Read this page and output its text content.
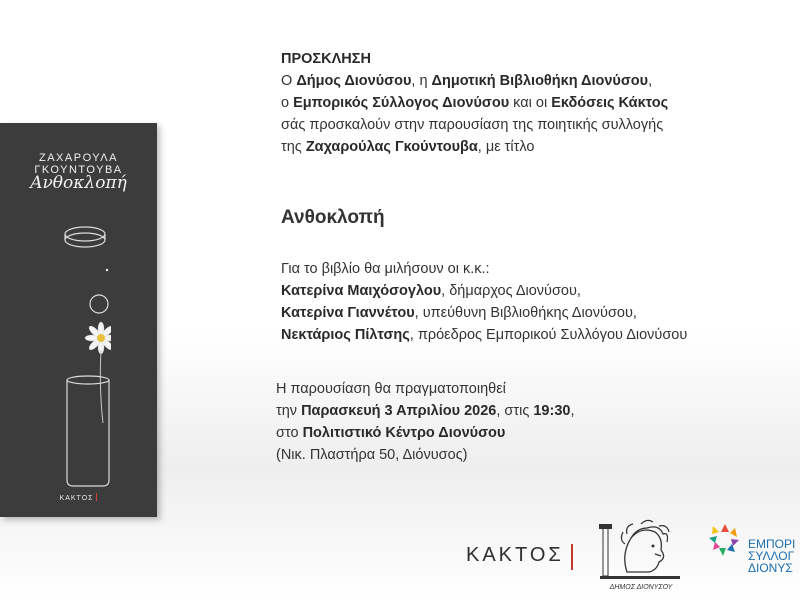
ΖΑΧΑΡΟΥΛΑ ΓΚΟΥΝΤΟΥΒΑ
Ανθοκλοπή
ΚΑΚΤΟΣ
ΠΡΟΣΚΛΗΣΗ
Ο Δήμος Διονύσου, η Δημοτική Βιβλιοθήκη Διονύσου,
ο Εμπορικός Σύλλογος Διονύσου και οι Εκδόσεις Κάκτος
σάς προσκαλούν στην παρουσίαση της ποιητικής συλλογής
της Ζαχαρούλας Γκούντουβα, με τίτλο
Ανθοκλοπή
Για το βιβλίο θα μιλήσουν οι κ.κ.:
Κατερίνα Μαιχόσογλου, δήμαρχος Διονύσου,
Κατερίνα Γιαννέτου, υπεύθυνη Βιβλιοθήκης Διονύσου,
Νεκτάριος Πίλτσης, πρόεδρος Εμπορικού Συλλόγου Διονύσου
Η παρουσίαση θα πραγματοποιηθεί
την Παρασκευή 3 Απριλίου 2026, στις 19:30,
στο Πολιτιστικό Κέντρο Διονύσου
(Νικ. Πλαστήρα 50, Διόνυσος)
ΚΑΚΤΟΣ
ΔΗΜΟΣ ΔΙΟΝΥΣΟΥ
ΕΜΠΟΡΙ
ΣΥΛΛΟΓ
ΔΙΟΝΥΣ
